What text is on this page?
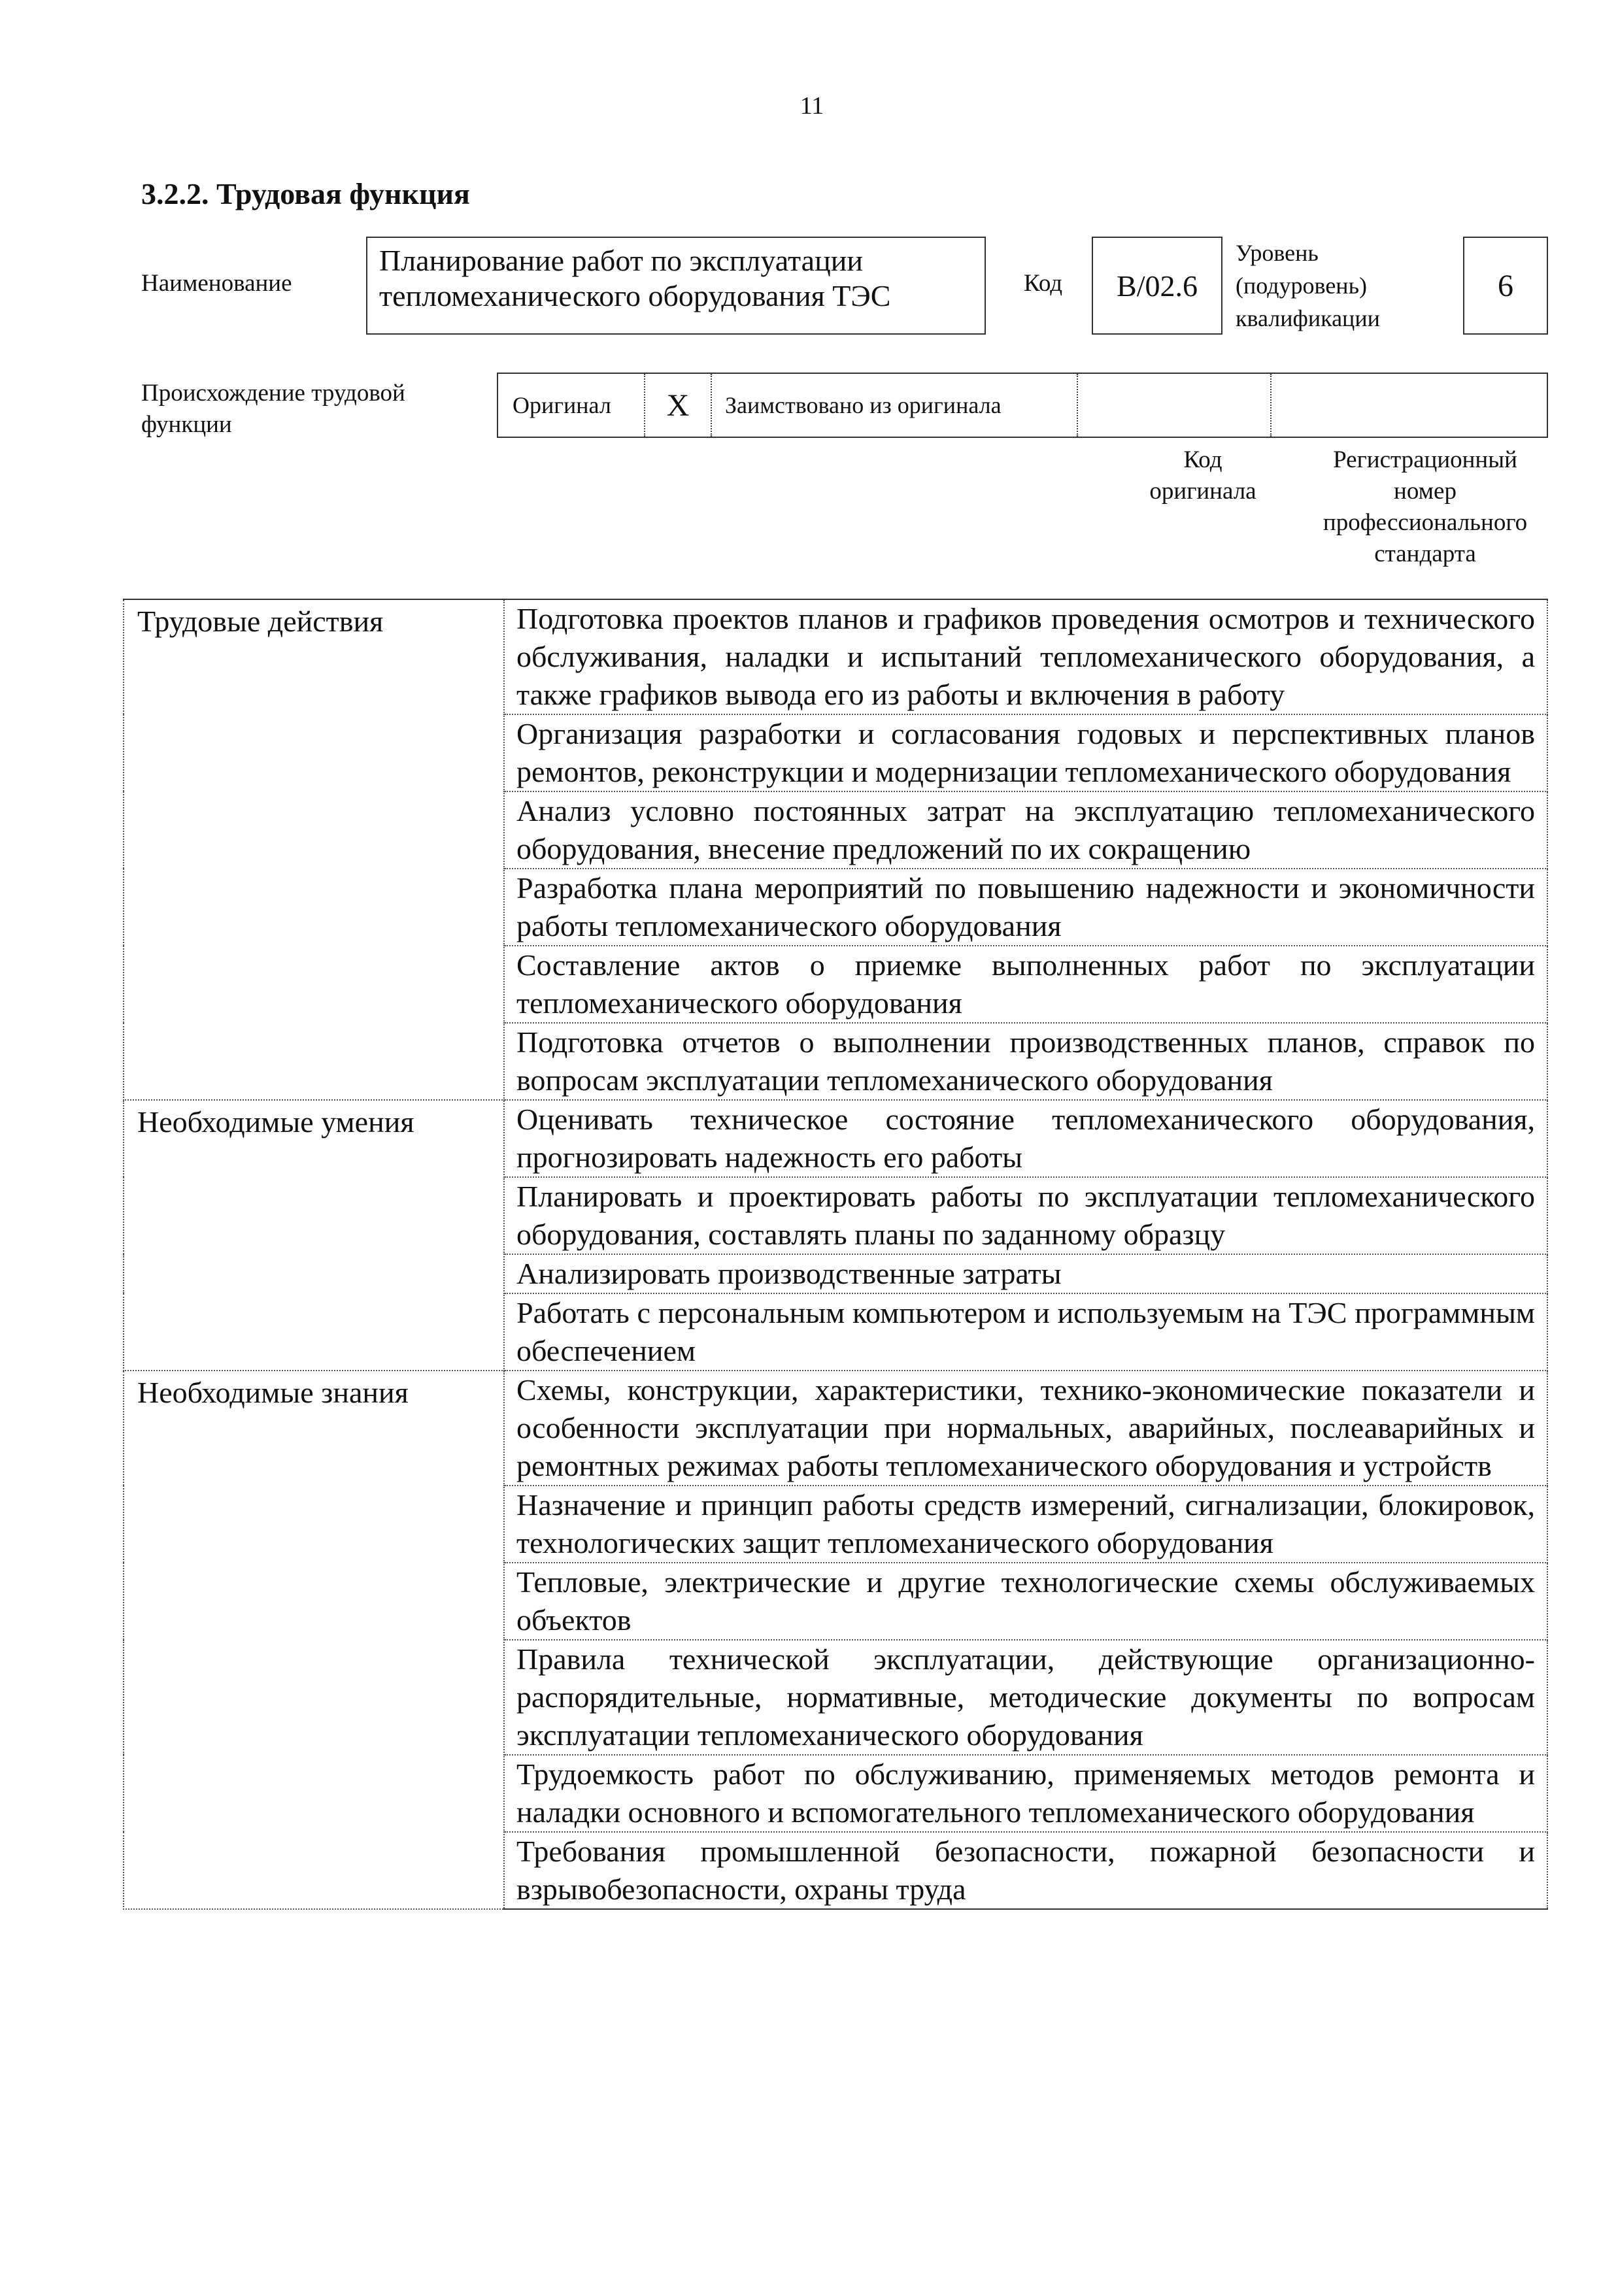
11
3.2.2. Трудовая функция
Наименование
Планирование работ по эксплуатации
тепломеханического оборудования ТЭС	Код B/02.6
Уровень
(подуровень)
квалификации
6
Происхождение трудовой
функции
Оригинал X Заимствовано из оригинала
Код
оригинала
Регистрационный
номер
профессионального
стандарта
Трудовые действия	Подготовка проектов планов и графиков проведения осмотров и технического обслуживания, наладки и испытаний тепломеханического оборудования, а также графиков вывода его из работы и включения в работу
	Организация разработки и согласования годовых и перспективных планов ремонтов, реконструкции и модернизации тепломеханического оборудования
	Анализ условно постоянных затрат на эксплуатацию тепломеханического оборудования, внесение предложений по их сокращению
	Разработка плана мероприятий по повышению надежности и экономичности работы тепломеханического оборудования
	Составление актов о приемке выполненных работ по эксплуатации тепломеханического оборудования
	Подготовка отчетов о выполнении производственных планов, справок по вопросам эксплуатации тепломеханического оборудования
Необходимые умения	Оценивать техническое состояние тепломеханического оборудования, прогнозировать надежность его работы
	Планировать и проектировать работы по эксплуатации тепломеханического оборудования, составлять планы по заданному образцу
	Анализировать производственные затраты
	Работать с персональным компьютером и используемым на ТЭС программным обеспечением
Необходимые знания	Схемы, конструкции, характеристики, технико-экономические показатели и особенности эксплуатации при нормальных, аварийных, послеаварийных и ремонтных режимах работы тепломеханического оборудования и устройств
	Назначение и принцип работы средств измерений, сигнализации, блокировок, технологических защит тепломеханического оборудования
	Тепловые, электрические и другие технологические схемы обслуживаемых объектов
	Правила технической эксплуатации, действующие организационно-распорядительные, нормативные, методические документы по вопросам эксплуатации тепломеханического оборудования
	Трудоемкость работ по обслуживанию, применяемых методов ремонта и наладки основного и вспомогательного тепломеханического оборудования
	Требования промышленной безопасности, пожарной безопасности и взрывобезопасности, охраны труда
